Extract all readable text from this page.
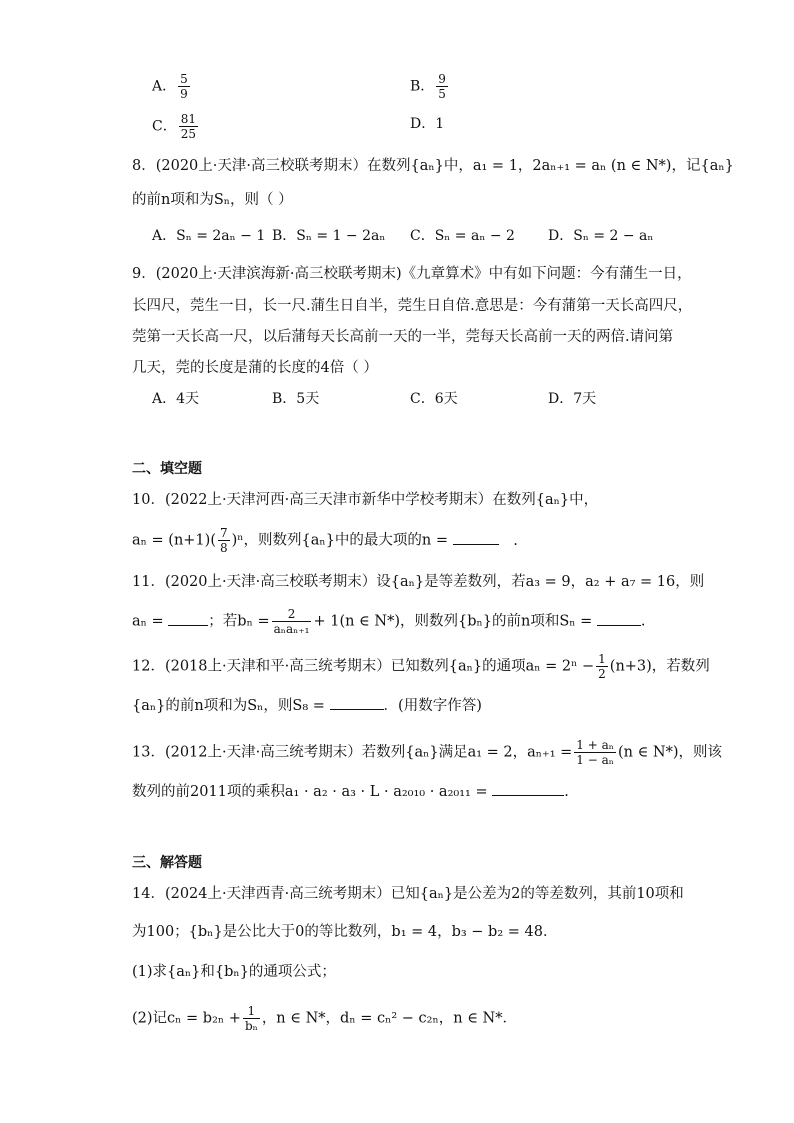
A． $\frac{5}{9}$	B． $\frac{9}{5}$
C． $\frac{81}{25}$	D．1
8．(2020上·天津·高三校联考期末）在数列{aₙ}中，a₁ = 1，2aₙ₊₁ = aₙ (n ∈ N*)，记{aₙ}
的前n项和为Sₙ，则（ ）
A．Sₙ = 2aₙ − 1 B．Sₙ = 1 − 2aₙ C．Sₙ = aₙ − 2 D．Sₙ = 2 − aₙ
9．(2020上·天津滨海新·高三校联考期末)《九章算术》中有如下问题：今有蒲生一日，
长四尺，莞生一日，长一尺.蒲生日自半，莞生日自倍.意思是：今有蒲第一天长高四尺，
莞第一天长高一尺，以后蒲每天长高前一天的一半，莞每天长高前一天的两倍.请问第
几天，莞的长度是蒲的长度的4倍（ ）
A．4天	B．5天	C．6天	D．7天
二、填空题
10．(2022上·天津河西·高三天津市新华中学校考期末）在数列{aₙ}中，
$a_n = (n+1)( \frac{7}{8} )^n$，则数列{aₙ}中的最大项的n =	.
11．(2020上·天津·高三校联考期末）设{aₙ}是等差数列，若a₃ = 9，a₂ + a₇ = 16，则
aₙ =	；若bₙ =	2
aₙaₙ₊₁ + 1(n ∈ N*)，则数列{bₙ}的前n项和Sₙ =	.
12．(2018上·天津和平·高三统考期末）已知数列{aₙ}的通项$a_n = 2^n - \frac{1}{2} (n+3)$，若数列
{aₙ}的前n项和为Sₙ，则S₈ =	．(用数字作答)
13．(2012上·天津·高三统考期末）若数列{aₙ}满足a₁ = 2，$a_{n+1} = \frac{\text{1 + aₙ}}{\text{1 − aₙ}} (n$ ∈ N*)，则该
数列的前2011项的乘积a₁ · a₂ · a₃ · L · a₂₀₁₀ · a₂₀₁₁ =	.
三、解答题
14．(2024上·天津西青·高三统考期末）已知{aₙ}是公差为2的等差数列，其前10项和
为100；{bₙ}是公比大于0的等比数列，b₁ = 4，b₃ − b₂ = 48．
(1)求{aₙ}和{bₙ}的通项公式；
(2)记$c_n = b_{2n} + \frac{1}{\text{bₙ}}$ ，n ∈ N*，dₙ = cₙ² − c₂ₙ，n ∈ N*．
